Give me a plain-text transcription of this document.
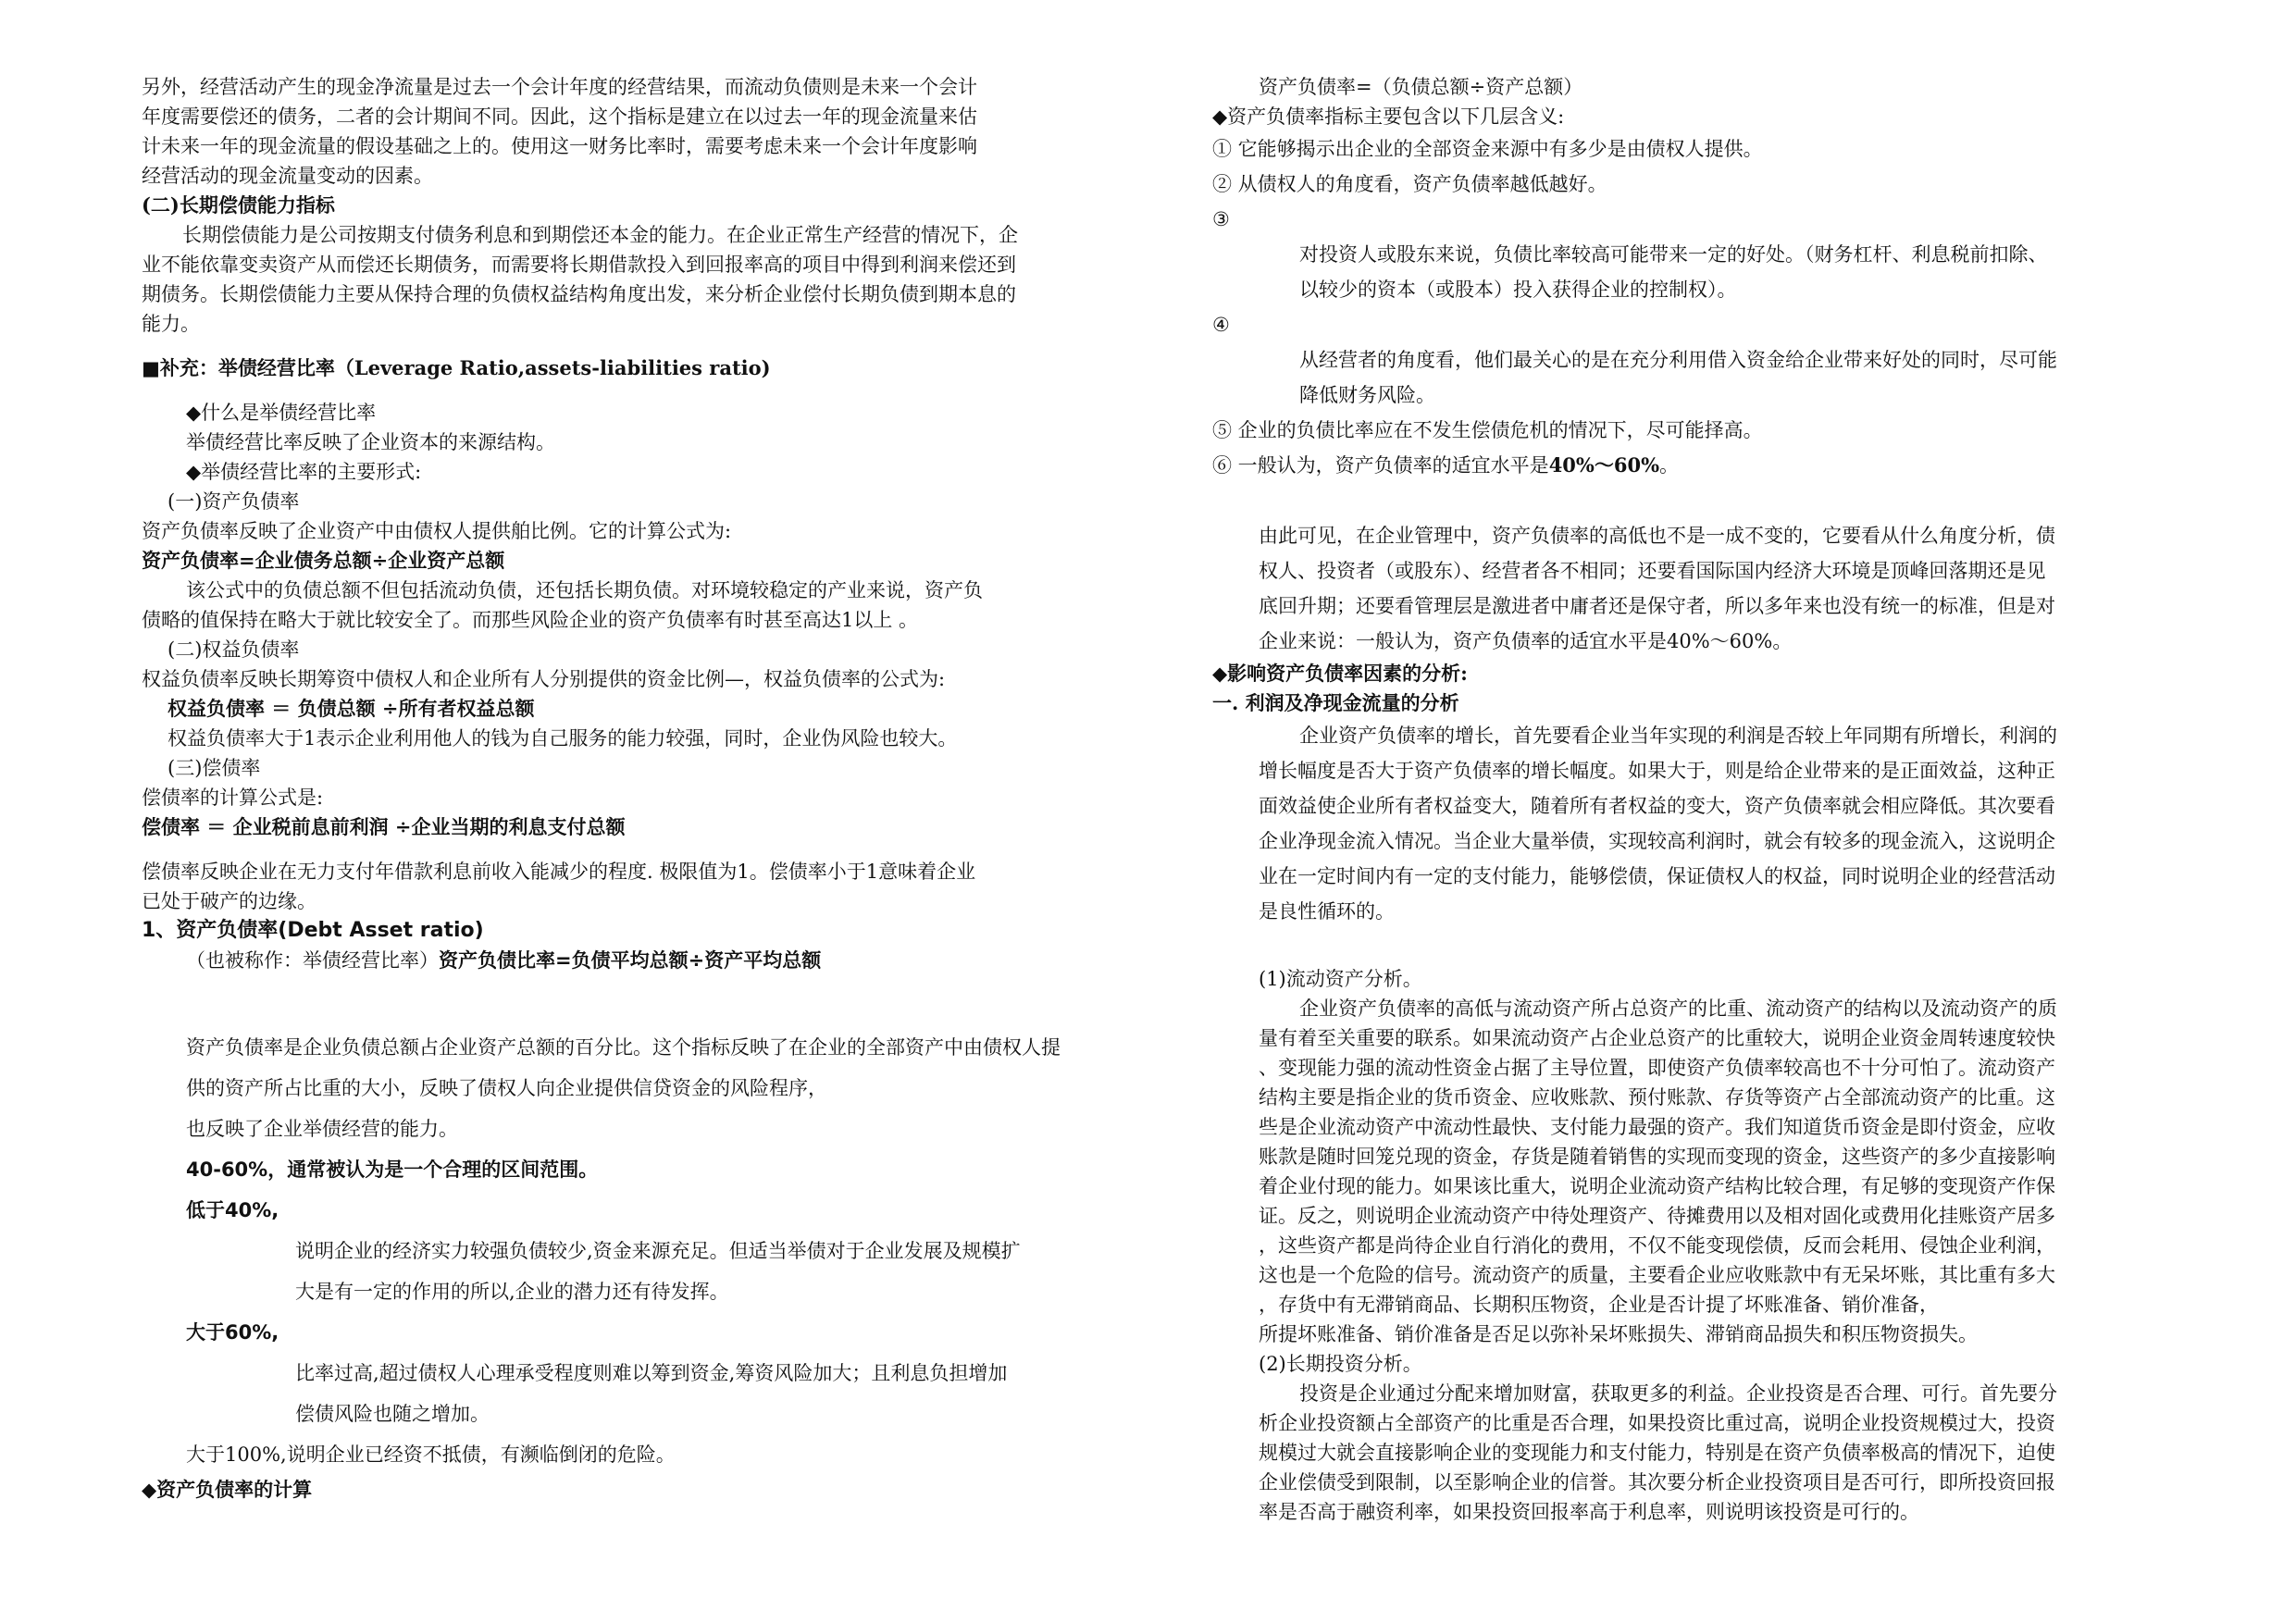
另外，经营活动产生的现金净流量是过去一个会计年度的经营结果，而流动负债则是未来一个会计

年度需要偿还的债务，二者的会计期间不同。因此，这个指标是建立在以过去一年的现金流量来估

计未来一年的现金流量的假设基础之上的。使用这一财务比率时，需要考虑未来一个会计年度影响

经营活动的现金流量变动的因素。

(二)长期偿债能力指标

长期偿债能力是公司按期支付债务利息和到期偿还本金的能力。在企业正常生产经营的情况下，企

业不能依靠变卖资产从而偿还长期债务，而需要将长期借款投入到回报率高的项目中得到利润来偿还到

期债务。长期偿债能力主要从保持合理的负债权益结构角度出发，来分析企业偿付长期负债到期本息的

能力。

■补充：举债经营比率（Leverage Ratio,assets-liabilities ratio)

◆什么是举债经营比率

举债经营比率反映了企业资本的来源结构。

◆举债经营比率的主要形式:

(一)资产负债率

资产负债率反映了企业资产中由债权人提供舶比例。它的计算公式为:

资产负债率=企业债务总额÷企业资产总额

该公式中的负债总额不但包括流动负债，还包括长期负债。对环境较稳定的产业来说，资产负

债略的值保持在略大于就比较安全了。而那些风险企业的资产负债率有时甚至高达1以上 。

(二)权益负债率

权益负债率反映长期筹资中债权人和企业所有人分别提供的资金比例—，权益负债率的公式为:

权益负债率 ＝ 负债总额 ÷所有者权益总额

权益负债率大于1表示企业利用他人的钱为自己服务的能力较强，同时，企业伪风险也较大。

(三)偿债率

偿债率的计算公式是:

偿债率 ＝ 企业税前息前利润 ÷企业当期的利息支付总额

偿债率反映企业在无力支付年借款利息前收入能减少的程度. 极限值为1。偿债率小于1意味着企业

已处于破产的边缘。

1、资产负债率(Debt Asset ratio)

（也被称作：举债经营比率）资产负债比率=负债平均总额÷资产平均总额

资产负债率是企业负债总额占企业资产总额的百分比。这个指标反映了在企业的全部资产中由债权人提

供的资产所占比重的大小，反映了债权人向企业提供信贷资金的风险程序，

也反映了企业举债经营的能力。

40-60%，通常被认为是一个合理的区间范围。

低于40%,

说明企业的经济实力较强负债较少,资金来源充足。但适当举债对于企业发展及规模扩

大是有一定的作用的所以,企业的潜力还有待发挥。

大于60%,

比率过高,超过债权人心理承受程度则难以筹到资金,筹资风险加大；且利息负担增加

偿债风险也随之增加。

大于100%,说明企业已经资不抵债，有濒临倒闭的危险。

◆资产负债率的计算

资产负债率=（负债总额÷资产总额）

◆资产负债率指标主要包含以下几层含义:

① 它能够揭示出企业的全部资金来源中有多少是由债权人提供。

② 从债权人的角度看，资产负债率越低越好。

③

对投资人或股东来说，负债比率较高可能带来一定的好处。（财务杠杆、利息税前扣除、

以较少的资本（或股本）投入获得企业的控制权）。

④

从经营者的角度看，他们最关心的是在充分利用借入资金给企业带来好处的同时，尽可能

降低财务风险。

⑤ 企业的负债比率应在不发生偿债危机的情况下，尽可能择高。

⑥ 一般认为，资产负债率的适宜水平是40%～60%。

由此可见，在企业管理中，资产负债率的高低也不是一成不变的，它要看从什么角度分析，债

权人、投资者（或股东）、经营者各不相同；还要看国际国内经济大环境是顶峰回落期还是见

底回升期；还要看管理层是激进者中庸者还是保守者，所以多年来也没有统一的标准，但是对

企业来说：一般认为，资产负债率的适宜水平是40%～60%。

◆影响资产负债率因素的分析:

一. 利润及净现金流量的分析

企业资产负债率的增长，首先要看企业当年实现的利润是否较上年同期有所增长，利润的

增长幅度是否大于资产负债率的增长幅度。如果大于，则是给企业带来的是正面效益，这种正

面效益使企业所有者权益变大，随着所有者权益的变大，资产负债率就会相应降低。其次要看

企业净现金流入情况。当企业大量举债，实现较高利润时，就会有较多的现金流入，这说明企

业在一定时间内有一定的支付能力，能够偿债，保证债权人的权益，同时说明企业的经营活动

是良性循环的。

(1)流动资产分析。

企业资产负债率的高低与流动资产所占总资产的比重、流动资产的结构以及流动资产的质

量有着至关重要的联系。如果流动资产占企业总资产的比重较大，说明企业资金周转速度较快

、变现能力强的流动性资金占据了主导位置，即使资产负债率较高也不十分可怕了。流动资产

结构主要是指企业的货币资金、应收账款、预付账款、存货等资产占全部流动资产的比重。这

些是企业流动资产中流动性最快、支付能力最强的资产。我们知道货币资金是即付资金，应收

账款是随时回笼兑现的资金，存货是随着销售的实现而变现的资金，这些资产的多少直接影响

着企业付现的能力。如果该比重大，说明企业流动资产结构比较合理，有足够的变现资产作保

证。反之，则说明企业流动资产中待处理资产、待摊费用以及相对固化或费用化挂账资产居多

，这些资产都是尚待企业自行消化的费用，不仅不能变现偿债，反而会耗用、侵蚀企业利润，

这也是一个危险的信号。流动资产的质量，主要看企业应收账款中有无呆坏账，其比重有多大

，存货中有无滞销商品、长期积压物资，企业是否计提了坏账准备、销价准备，

所提坏账准备、销价准备是否足以弥补呆坏账损失、滞销商品损失和积压物资损失。

(2)长期投资分析。

投资是企业通过分配来增加财富，获取更多的利益。企业投资是否合理、可行。首先要分

析企业投资额占全部资产的比重是否合理，如果投资比重过高，说明企业投资规模过大，投资

规模过大就会直接影响企业的变现能力和支付能力，特别是在资产负债率极高的情况下，迫使

企业偿债受到限制，以至影响企业的信誉。其次要分析企业投资项目是否可行，即所投资回报

率是否高于融资利率，如果投资回报率高于利息率，则说明该投资是可行的。
